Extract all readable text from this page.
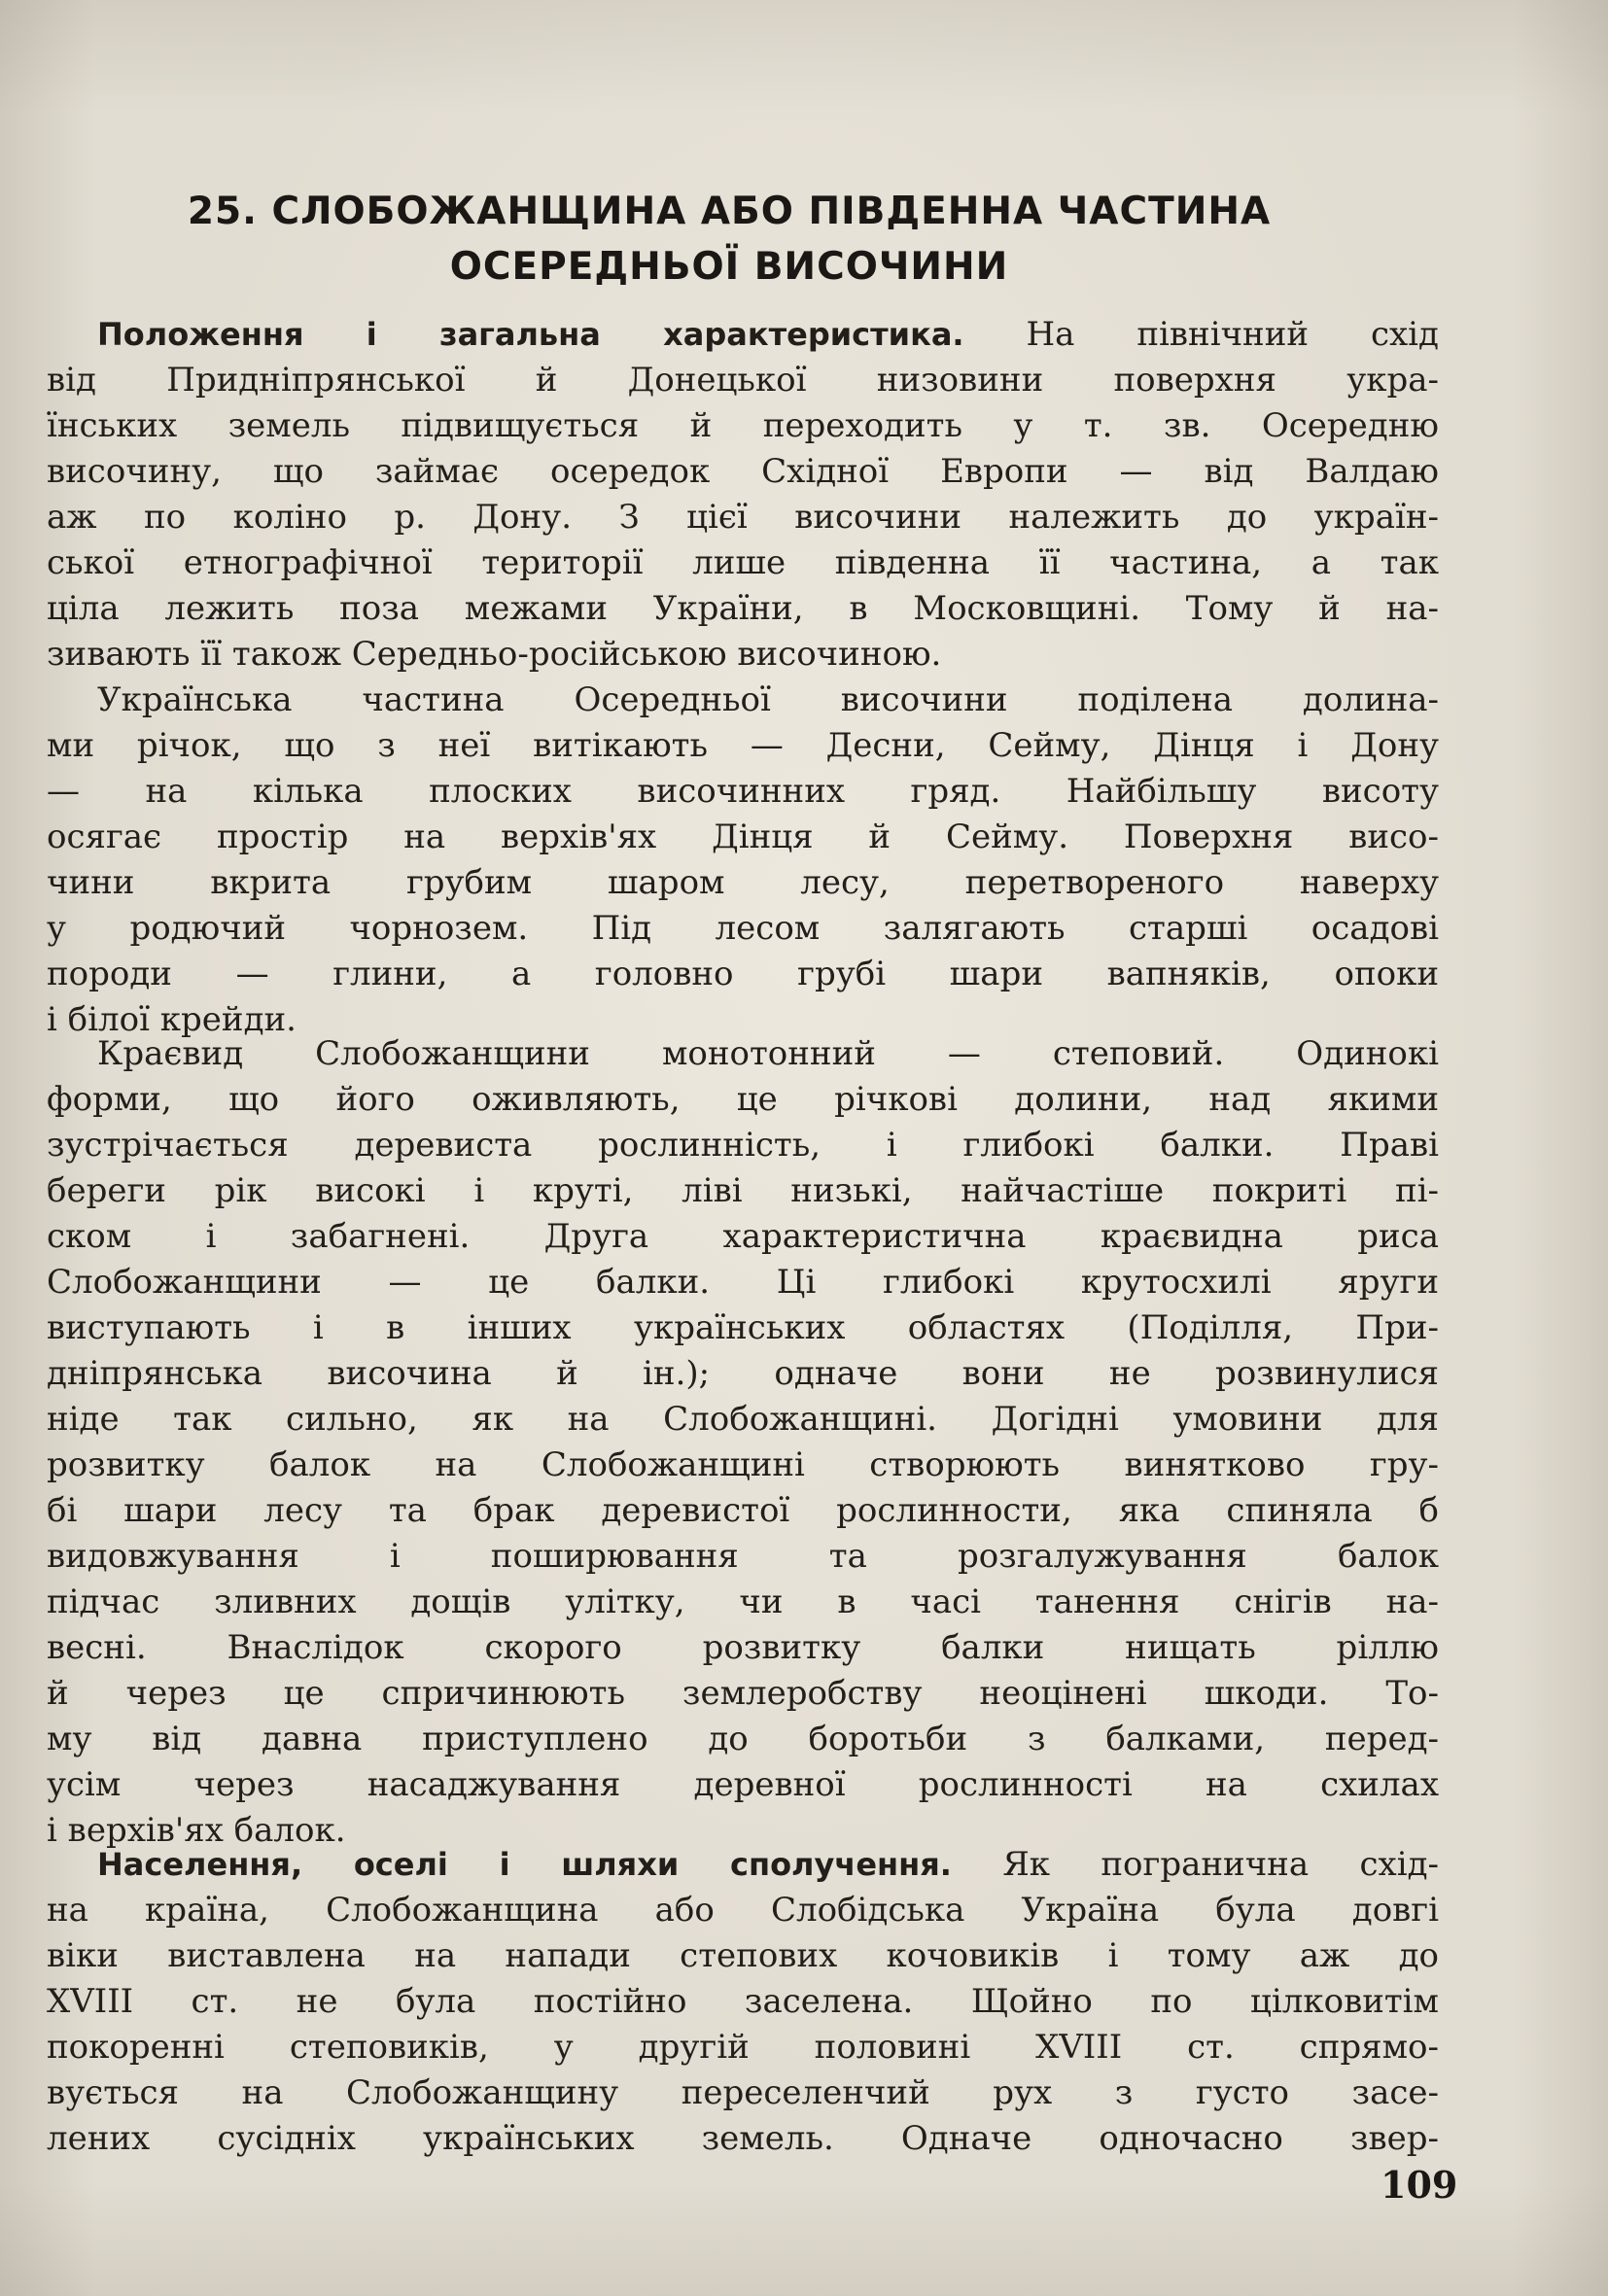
25. СЛОБОЖАНЩИНА АБО ПІВДЕННА ЧАСТИНА
ОСЕРЕДНЬОЇ ВИСОЧИНИ
Положення і загальна характеристика. На північний схід
від Придніпрянської й Донецької низовини поверхня укра-
їнських земель підвищується й переходить у т. зв. Осередню
височину, що займає осередок Східної Европи — від Валдаю
аж по коліно р. Дону. З цієї височини належить до україн-
ської етнографічної території лише південна її частина, а так
ціла лежить поза межами України, в Московщині. Тому й на-
зивають її також Середньо-російською височиною.
Українська частина Осередньої височини поділена долина-
ми річок, що з неї витікають — Десни, Сейму, Дінця і Дону
— на кілька плоских височинних гряд. Найбільшу висоту
осягає простір на верхів'ях Дінця й Сейму. Поверхня висо-
чини вкрита грубим шаром лесу, перетвореного наверху
у родючий чорнозем. Під лесом залягають старші осадові
породи — глини, а головно грубі шари вапняків, опоки
і білої крейди.
Краєвид Слобожанщини монотонний — степовий. Одинокі
форми, що його оживляють, це річкові долини, над якими
зустрічається деревиста рослинність, і глибокі балки. Праві
береги рік високі і круті, ліві низькі, найчастіше покриті пі-
ском і забагнені. Друга характеристична краєвидна риса
Слобожанщини — це балки. Ці глибокі крутосхилі яруги
виступають і в інших українських областях (Поділля, При-
дніпрянська височина й ін.); одначе вони не розвинулися
ніде так сильно, як на Слобожанщині. Догідні умовини для
розвитку балок на Слобожанщині створюють винятково гру-
бі шари лесу та брак деревистої рослинности, яка спиняла б
видовжування і поширювання та розгалужування балок
підчас зливних дощів улітку, чи в часі танення снігів на-
весні. Внаслідок скорого розвитку балки нищать ріллю
й через це спричинюють землеробству неоцінені шкоди. То-
му від давна приступлено до боротьби з балками, перед-
усім через насаджування деревної рослинності на схилах
і верхів'ях балок.
Населення, оселі і шляхи сполучення. Як погранична схід-
на країна, Слобожанщина або Слобідська Україна була довгі
віки виставлена на напади степових кочовиків і тому аж до
XVIII ст. не була постійно заселена. Щойно по цілковитім
покоренні степовиків, у другій половині XVIII ст. спрямо-
вується на Слобожанщину переселенчий рух з густо засе-
лених сусідніх українських земель. Одначе одночасно звер-
109
